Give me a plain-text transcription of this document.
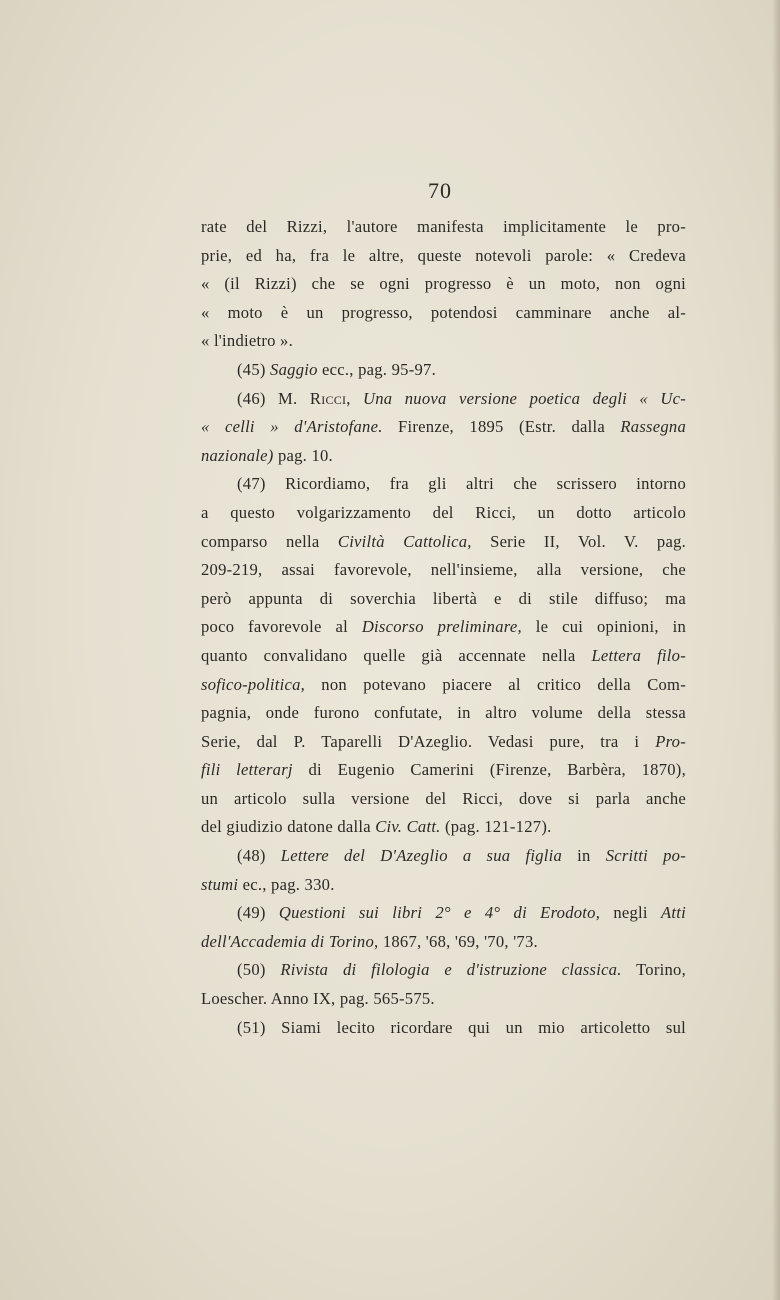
70
rate del Rizzi, l'autore manifesta implicitamente le pro-
prie, ed ha, fra le altre, queste notevoli parole: « Credeva
« (il Rizzi) che se ogni progresso è un moto, non ogni
« moto è un progresso, potendosi camminare anche al-
« l'indietro ».
(45) Saggio ecc., pag. 95-97.
(46) M. Ricci, Una nuova versione poetica degli « Uc-
« celli » d'Aristofane. Firenze, 1895 (Estr. dalla Rassegna
nazionale) pag. 10.
(47) Ricordiamo, fra gli altri che scrissero intorno
a questo volgarizzamento del Ricci, un dotto articolo
comparso nella Civiltà Cattolica, Serie II, Vol. V. pag.
209-219, assai favorevole, nell'insieme, alla versione, che
però appunta di soverchia libertà e di stile diffuso; ma
poco favorevole al Discorso preliminare, le cui opinioni, in
quanto convalidano quelle già accennate nella Lettera filo-
sofico-politica, non potevano piacere al critico della Com-
pagnia, onde furono confutate, in altro volume della stessa
Serie, dal P. Taparelli D'Azeglio. Vedasi pure, tra i Pro-
fili letterarj di Eugenio Camerini (Firenze, Barbèra, 1870),
un articolo sulla versione del Ricci, dove si parla anche
del giudizio datone dalla Civ. Catt. (pag. 121-127).
(48) Lettere del D'Azeglio a sua figlia in Scritti po-
stumi ec., pag. 330.
(49) Questioni sui libri 2° e 4° di Erodoto, negli Atti
dell'Accademia di Torino, 1867, '68, '69, '70, '73.
(50) Rivista di filologia e d'istruzione classica. Torino,
Loescher. Anno IX, pag. 565-575.
(51) Siami lecito ricordare qui un mio articoletto sul
